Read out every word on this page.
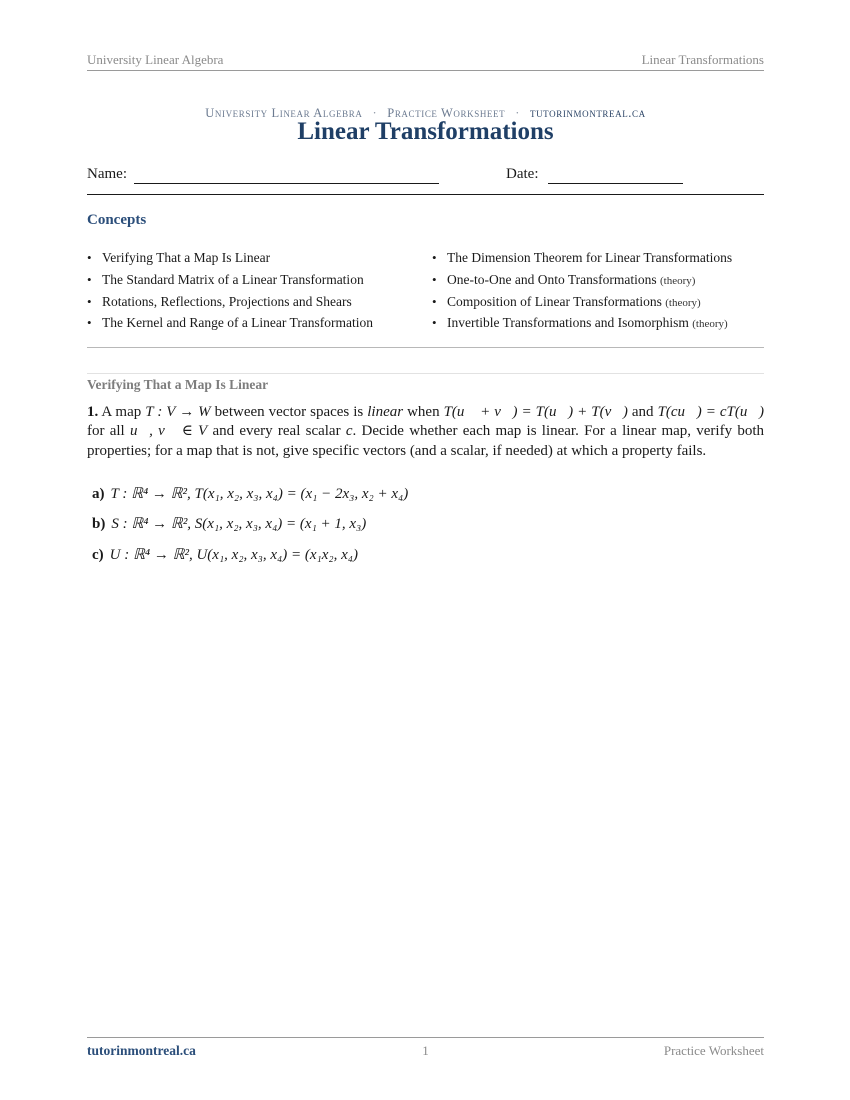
University Linear Algebra	Linear Transformations
University Linear Algebra · Practice Worksheet · tutorinmontreal.ca
Linear Transformations
Name:	Date:
Concepts
• Verifying That a Map Is Linear
• The Standard Matrix of a Linear Transformation
• Rotations, Reflections, Projections and Shears
• The Kernel and Range of a Linear Transformation
• The Dimension Theorem for Linear Transformations
• One-to-One and Onto Transformations (theory)
• Composition of Linear Transformations (theory)
• Invertible Transformations and Isomorphism (theory)
Verifying That a Map Is Linear
1. A map T : V → W between vector spaces is linear when T(u⃗ + v⃗) = T(u⃗) + T(v⃗) and T(cu⃗) = cT(u⃗) for all u⃗, v⃗ ∈ V and every real scalar c. Decide whether each map is linear. For a linear map, verify both properties; for a map that is not, give specific vectors (and a scalar, if needed) at which a property fails.
a) T : ℝ⁴ → ℝ², T(x₁, x₂, x₃, x₄) = (x₁ − 2x₃, x₂ + x₄)
b) S : ℝ⁴ → ℝ², S(x₁, x₂, x₃, x₄) = (x₁ + 1, x₃)
c) U : ℝ⁴ → ℝ², U(x₁, x₂, x₃, x₄) = (x₁x₂, x₄)
tutorinmontreal.ca	1	Practice Worksheet
